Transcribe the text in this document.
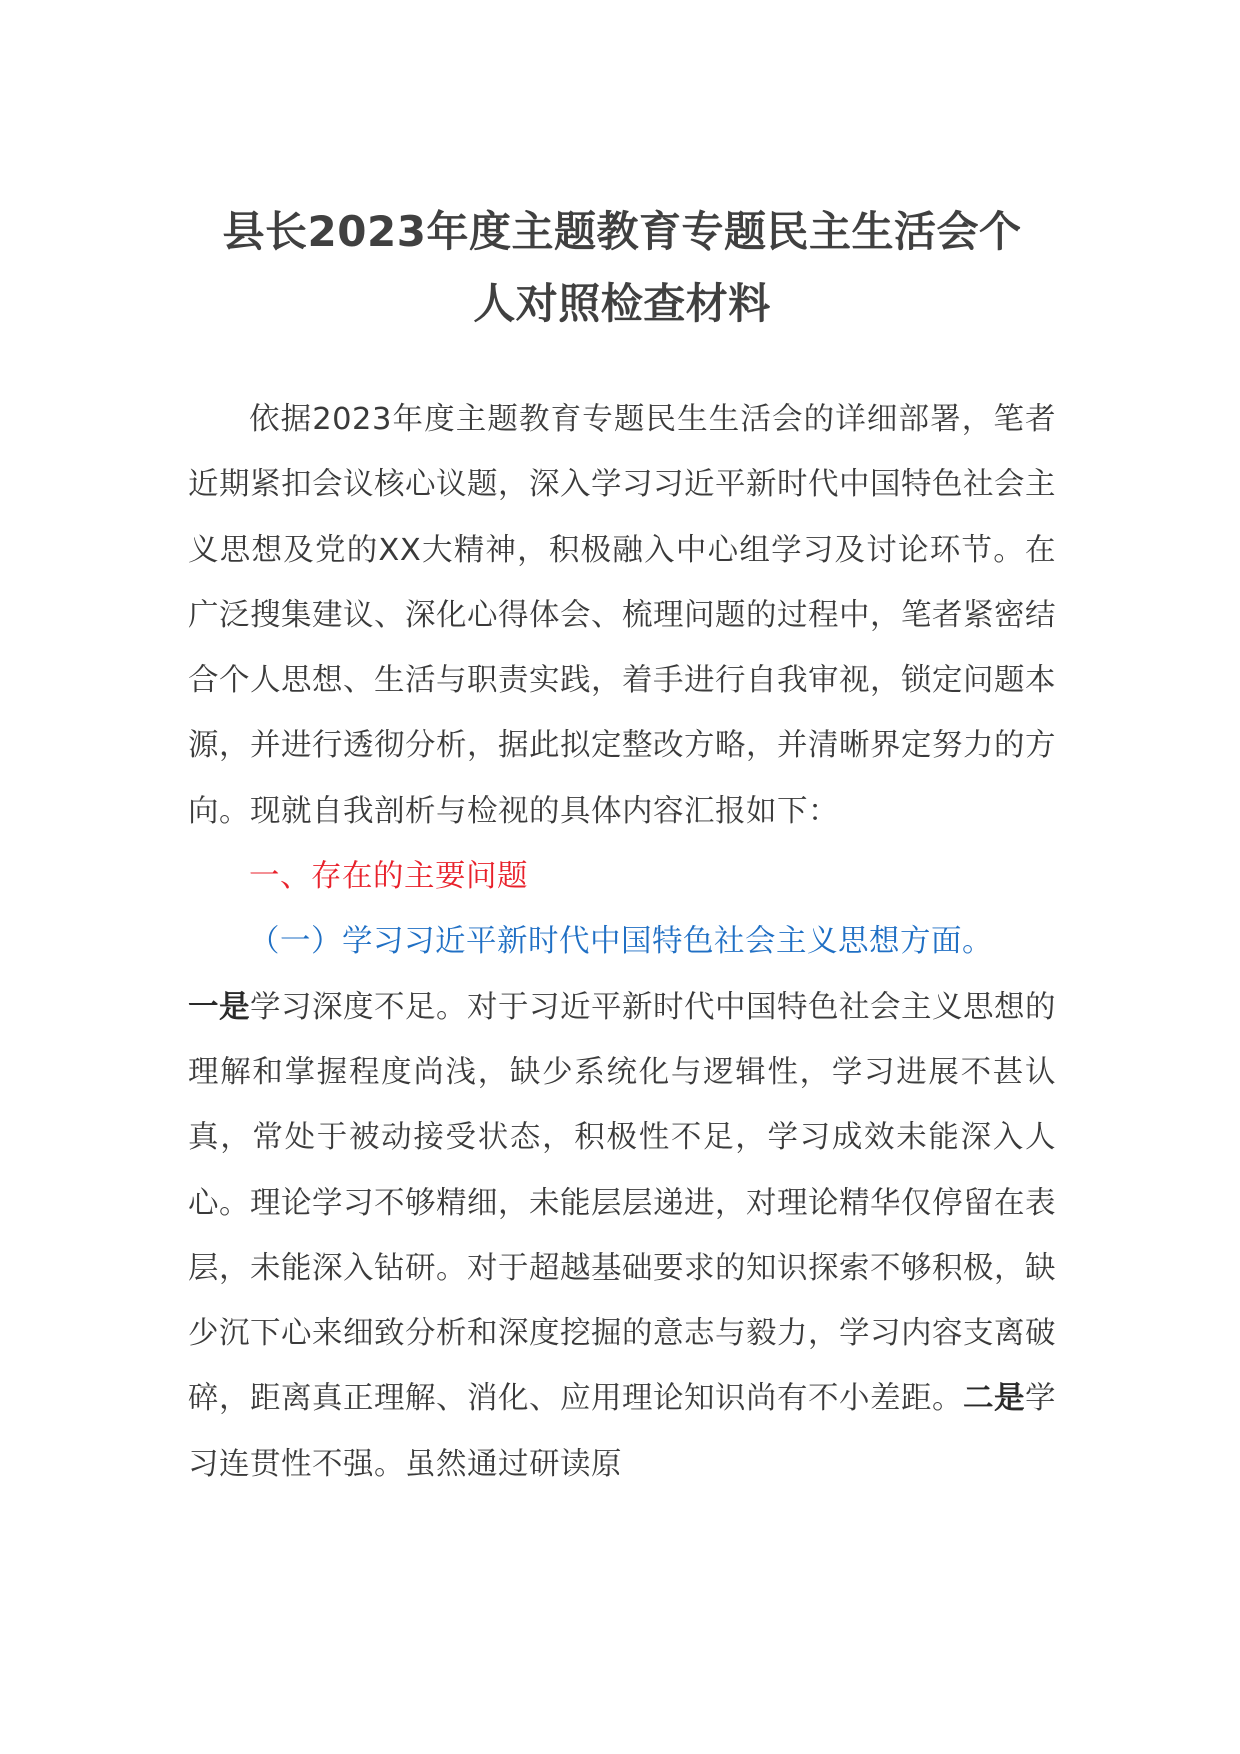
县长2023年度主题教育专题民主生活会个
人对照检查材料

依据2023年度主题教育专题民生生活会的详细部署，笔者近期紧扣会议核心议题，深入学习习近平新时代中国特色社会主义思想及党的XX大精神，积极融入中心组学习及讨论环节。在广泛搜集建议、深化心得体会、梳理问题的过程中，笔者紧密结合个人思想、生活与职责实践，着手进行自我审视，锁定问题本源，并进行透彻分析，据此拟定整改方略，并清晰界定努力的方向。现就自我剖析与检视的具体内容汇报如下：

一、存在的主要问题

（一）学习习近平新时代中国特色社会主义思想方面。

一是学习深度不足。对于习近平新时代中国特色社会主义思想的理解和掌握程度尚浅，缺少系统化与逻辑性，学习进展不甚认真，常处于被动接受状态，积极性不足，学习成效未能深入人心。理论学习不够精细，未能层层递进，对理论精华仅停留在表层，未能深入钻研。对于超越基础要求的知识探索不够积极，缺少沉下心来细致分析和深度挖掘的意志与毅力，学习内容支离破碎，距离真正理解、消化、应用理论知识尚有不小差距。二是学习连贯性不强。虽然通过研读原
